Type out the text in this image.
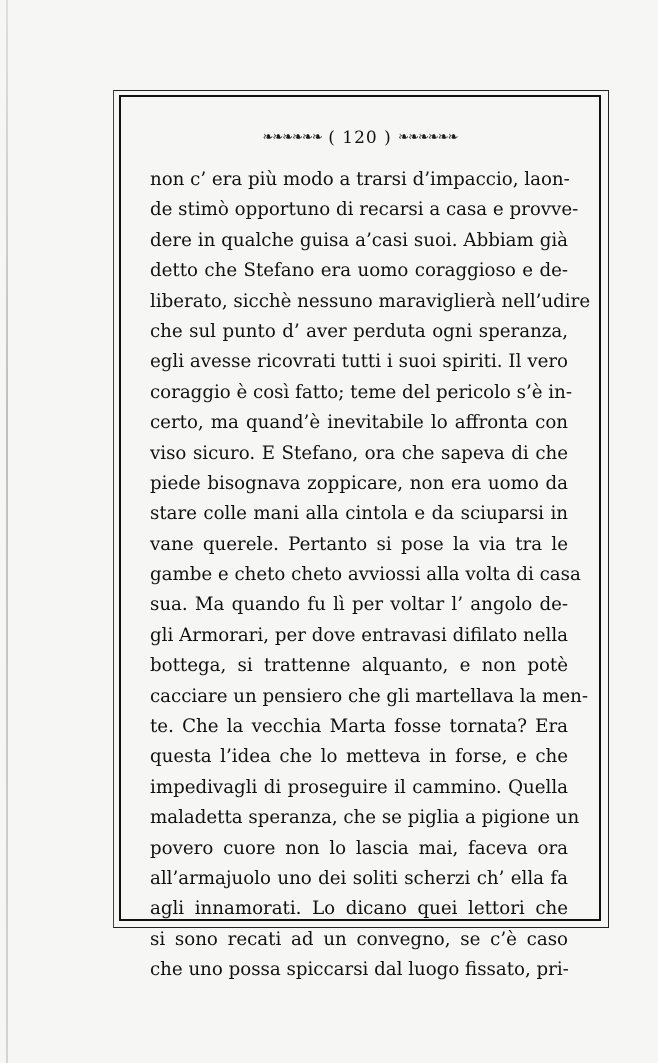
❧❧❧❧❧❧ ( 120 ) ❧❧❧❧❧❧
non c’ era più modo a trarsi d’impaccio, laon-
de stimò opportuno di recarsi a casa e provve-
dere in qualche guisa a’casi suoi. Abbiam già
detto che Stefano era uomo coraggioso e de-
liberato, sicchè nessuno maraviglierà nell’udire
che sul punto d’ aver perduta ogni speranza,
egli avesse ricovrati tutti i suoi spiriti. Il vero
coraggio è così fatto; teme del pericolo s’è in-
certo, ma quand’è inevitabile lo affronta con
viso sicuro. E Stefano, ora che sapeva di che
piede bisognava zoppicare, non era uomo da
stare colle mani alla cintola e da sciuparsi in
vane querele. Pertanto si pose la via tra le
gambe e cheto cheto avviossi alla volta di casa
sua. Ma quando fu lì per voltar l’ angolo de-
gli Armorari, per dove entravasi difilato nella
bottega, si trattenne alquanto, e non potè
cacciare un pensiero che gli martellava la men-
te. Che la vecchia Marta fosse tornata? Era
questa l’idea che lo metteva in forse, e che
impedivagli di proseguire il cammino. Quella
maladetta speranza, che se piglia a pigione un
povero cuore non lo lascia mai, faceva ora
all’armajuolo uno dei soliti scherzi ch’ ella fa
agli innamorati. Lo dicano quei lettori che
si sono recati ad un convegno, se c’è caso
che uno possa spiccarsi dal luogo fissato, pri-
